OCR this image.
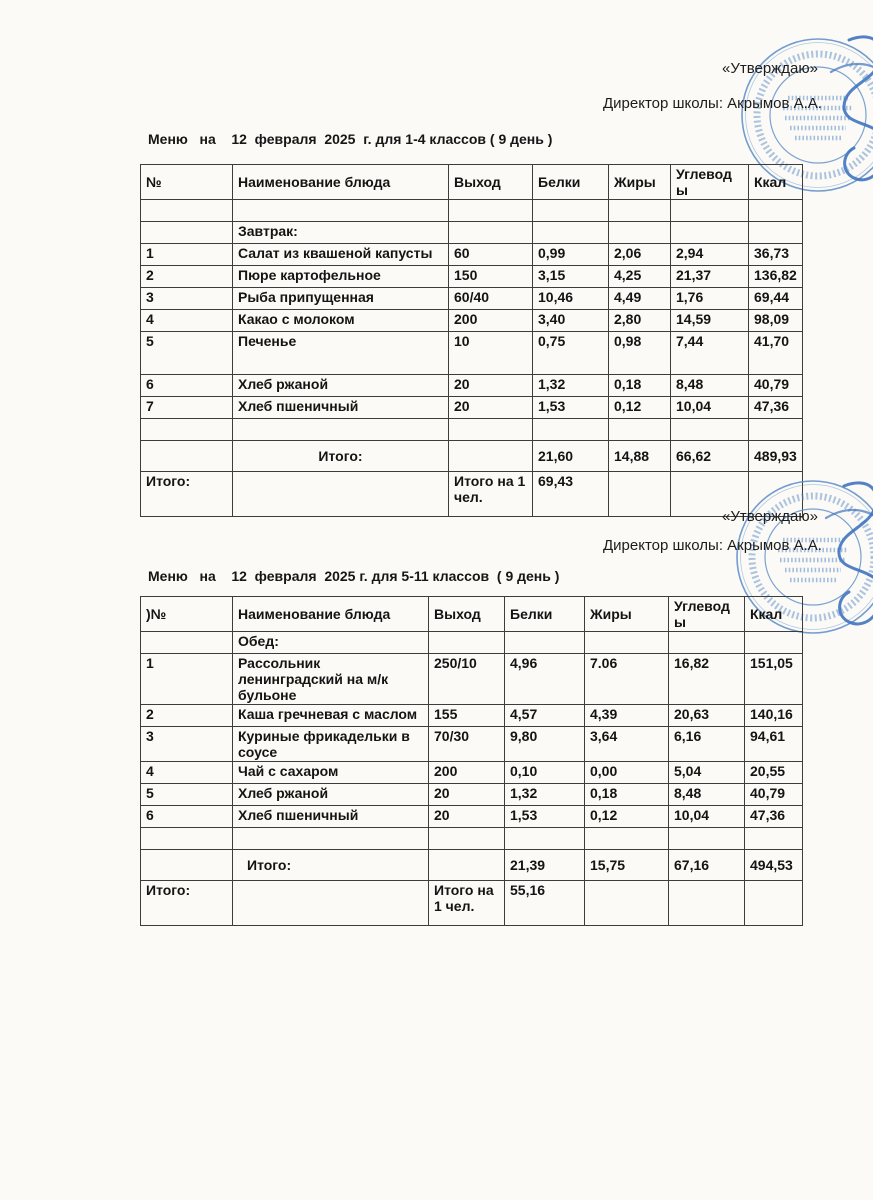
«Утверждаю»
Директор школы: Акрымов А.А.
Меню   на    12  февраля  2025  г. для 1-4 классов ( 9 день )
№	Наименование блюда	Выход	Белки	Жиры	Углеводы	Ккал

	Завтрак:					
1	Салат из квашеной капусты	60	0,99	2,06	2,94	36,73
2	Пюре картофельное	150	3,15	4,25	21,37	136,82
3	Рыба припущенная	60/40	10,46	4,49	1,76	69,44
4	Какао с молоком	200	3,40	2,80	14,59	98,09
5	Печенье	10	0,75	0,98	7,44	41,70
6	Хлеб ржаной	20	1,32	0,18	8,48	40,79
7	Хлеб пшеничный	20	1,53	0,12	10,04	47,36

	Итого:		21,60	14,88	66,62	489,93
Итого:		Итого на 1 чел.	69,43			
«Утверждаю»
Директор школы: Акрымов А.А.
Меню   на    12  февраля  2025 г. для 5-11 классов  ( 9 день )
)№	Наименование блюда	Выход	Белки	Жиры	Углеводы	Ккал
	Обед:					
1	Рассольник ленинградский на м/к бульоне	250/10	4,96	7.06	16,82	151,05
2	Каша гречневая с маслом	155	4,57	4,39	20,63	140,16
3	Куриные фрикадельки в соусе	70/30	9,80	3,64	6,16	94,61
4	Чай с сахаром	200	0,10	0,00	5,04	20,55
5	Хлеб ржаной	20	1,32	0,18	8,48	40,79
6	Хлеб пшеничный	20	1,53	0,12	10,04	47,36

	Итого:		21,39	15,75	67,16	494,53
Итого:		Итого на 1 чел.	55,16			
